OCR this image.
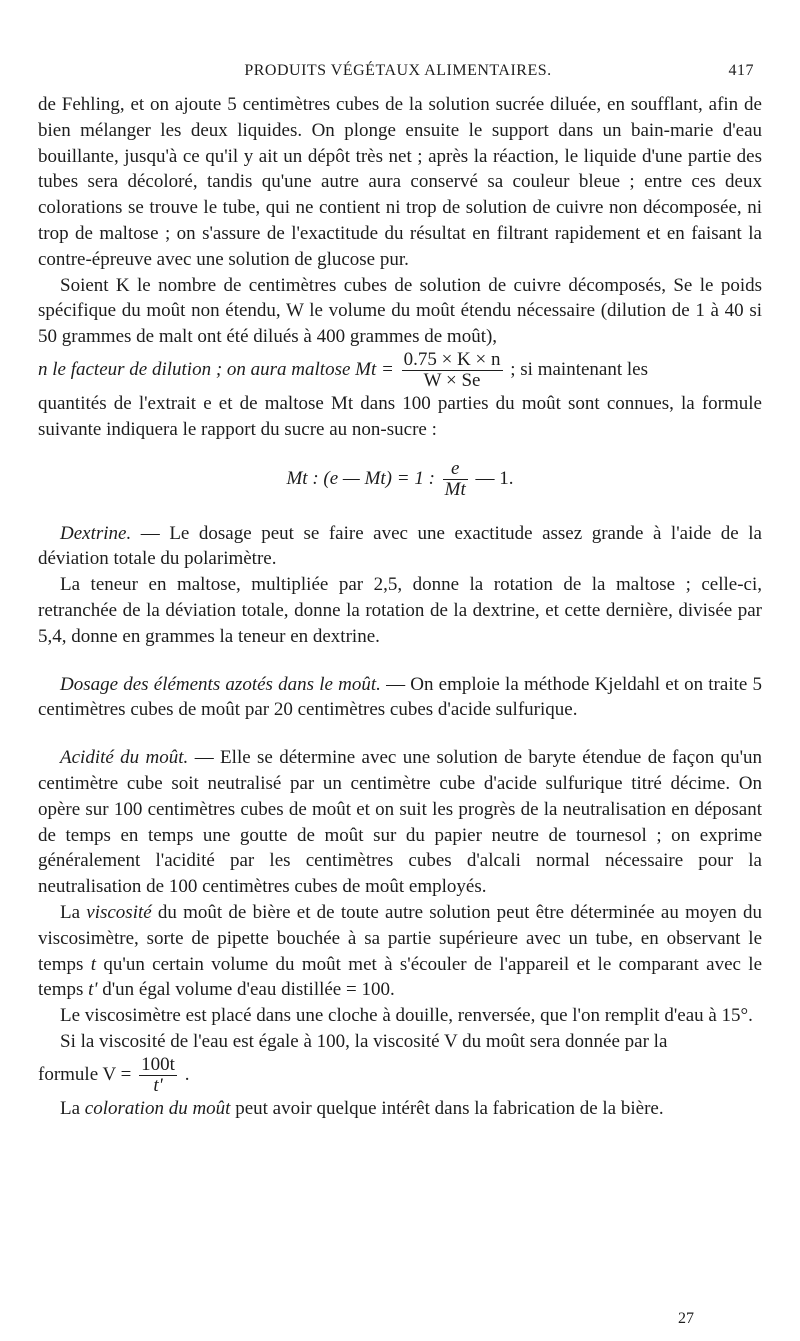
PRODUITS VÉGÉTAUX ALIMENTAIRES.	417

de Fehling, et on ajoute 5 centimètres cubes de la solution sucrée diluée, en soufflant, afin de bien mélanger les deux liquides. On plonge ensuite le support dans un bain-marie d'eau bouillante, jusqu'à ce qu'il y ait un dépôt très net ; après la réaction, le liquide d'une partie des tubes sera décoloré, tandis qu'une autre aura conservé sa couleur bleue ; entre ces deux colorations se trouve le tube, qui ne contient ni trop de solution de cuivre non décomposée, ni trop de maltose ; on s'assure de l'exactitude du résultat en filtrant rapidement et en faisant la contre-épreuve avec une solution de glucose pur.

Soient K le nombre de centimètres cubes de solution de cuivre décomposés, Se le poids spécifique du moût non étendu, W le volume du moût étendu nécessaire (dilution de 1 à 40 si 50 grammes de malt ont été dilués à 400 grammes de moût),

n le facteur de dilution ; on aura maltose $Mt = \frac{0.75 \times K \times n}{W \times Se}$ ; si maintenant les

quantités de l'extrait e et de maltose Mt dans 100 parties du moût sont connues, la formule suivante indiquera le rapport du sucre au non-sucre :

Mt : (e — Mt) = 1 : $\frac{e}{Mt}$ — 1.

Dextrine. — Le dosage peut se faire avec une exactitude assez grande à l'aide de la déviation totale du polarimètre.

La teneur en maltose, multipliée par 2,5, donne la rotation de la maltose ; celle-ci, retranchée de la déviation totale, donne la rotation de la dextrine, et cette dernière, divisée par 5,4, donne en grammes la teneur en dextrine.

Dosage des éléments azotés dans le moût. — On emploie la méthode Kjeldahl et on traite 5 centimètres cubes de moût par 20 centimètres cubes d'acide sulfurique.

Acidité du moût. — Elle se détermine avec une solution de baryte étendue de façon qu'un centimètre cube soit neutralisé par un centimètre cube d'acide sulfurique titré décime. On opère sur 100 centimètres cubes de moût et on suit les progrès de la neutralisation en déposant de temps en temps une goutte de moût sur du papier neutre de tournesol ; on exprime généralement l'acidité par les centimètres cubes d'alcali normal nécessaire pour la neutralisation de 100 centimètres cubes de moût employés.

La viscosité du moût de bière et de toute autre solution peut être déterminée au moyen du viscosimètre, sorte de pipette bouchée à sa partie supérieure avec un tube, en observant le temps t qu'un certain volume du moût met à s'écouler de l'appareil et le comparant avec le temps t' d'un égal volume d'eau distillée = 100.

Le viscosimètre est placé dans une cloche à douille, renversée, que l'on remplit d'eau à 15°.

Si la viscosité de l'eau est égale à 100, la viscosité V du moût sera donnée par la

formule $V = \frac{100t}{t'}$ .

La coloration du moût peut avoir quelque intérêt dans la fabrication de la bière.

27
